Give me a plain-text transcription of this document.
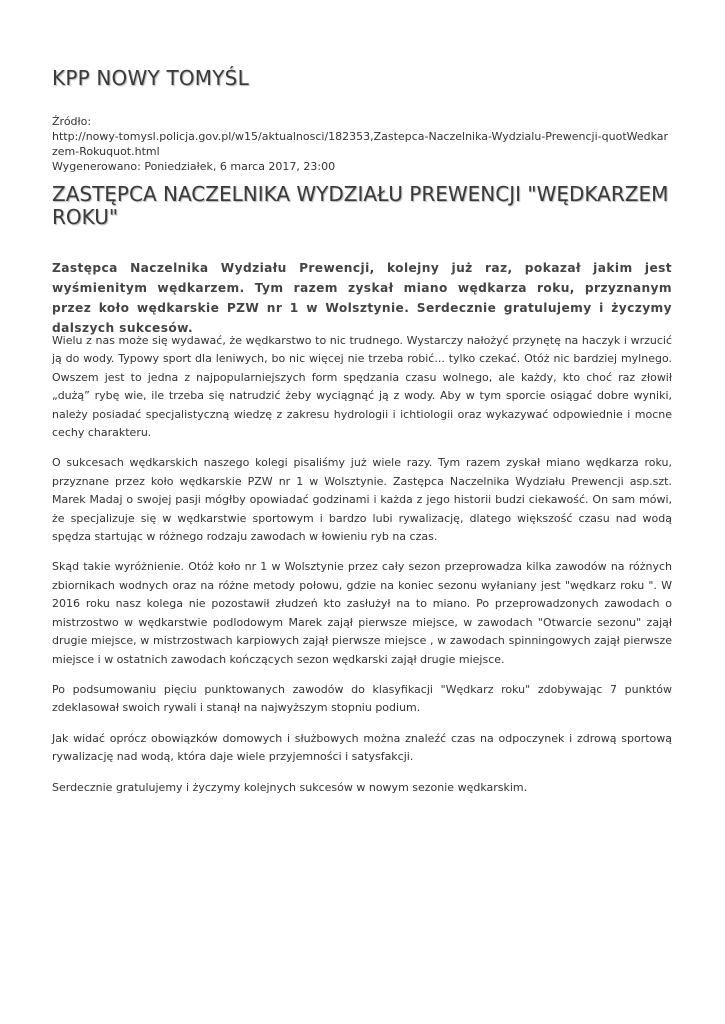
KPP NOWY TOMYŚL
Źródło:
http://nowy-tomysl.policja.gov.pl/w15/aktualnosci/182353,Zastepca-Naczelnika-Wydzialu-Prewencji-quotWedkarzem-Rokuquot.html
Wygenerowano: Poniedziałek, 6 marca 2017, 23:00
ZASTĘPCA NACZELNIKA WYDZIAŁU PREWENCJI "WĘDKARZEM ROKU"
Zastępca Naczelnika Wydziału Prewencji, kolejny już raz, pokazał jakim jest wyśmienitym wędkarzem. Tym razem zyskał miano wędkarza roku, przyznanym przez koło wędkarskie PZW nr 1 w Wolsztynie. Serdecznie gratulujemy i życzymy dalszych sukcesów.

Wielu z nas może się wydawać, że wędkarstwo to nic trudnego. Wystarczy nałożyć przynętę na haczyk i wrzucić ją do wody. Typowy sport dla leniwych, bo nic więcej nie trzeba robić... tylko czekać. Otóż nic bardziej mylnego. Owszem jest to jedna z najpopularniejszych form spędzania czasu wolnego, ale każdy, kto choć raz złowił „dużą” rybę wie, ile trzeba się natrudzić żeby wyciągnąć ją z wody. Aby w tym sporcie osiągać dobre wyniki, należy posiadać specjalistyczną wiedzę z zakresu hydrologii i ichtiologii oraz wykazywać odpowiednie i mocne cechy charakteru.

O sukcesach wędkarskich naszego kolegi pisaliśmy już wiele razy. Tym razem zyskał miano wędkarza roku, przyznane przez koło wędkarskie PZW nr 1 w Wolsztynie. Zastępca Naczelnika Wydziału Prewencji asp.szt. Marek Madaj o swojej pasji mógłby opowiadać godzinami i każda z jego historii budzi ciekawość. On sam mówi, że specjalizuje się w wędkarstwie sportowym i bardzo lubi rywalizację, dlatego większość czasu nad wodą spędza startując w różnego rodzaju zawodach w łowieniu ryb na czas.

Skąd takie wyróżnienie. Otóż koło nr 1 w Wolsztynie przez cały sezon przeprowadza kilka zawodów na różnych zbiornikach wodnych oraz na różne metody połowu, gdzie na koniec sezonu wyłaniany jest "wędkarz roku ". W 2016 roku nasz kolega nie pozostawił złudzeń kto zasłużył na to miano. Po przeprowadzonych zawodach o mistrzostwo w wędkarstwie podlodowym Marek zajął pierwsze miejsce, w zawodach "Otwarcie sezonu" zajął drugie miejsce, w mistrzostwach karpiowych zajął pierwsze miejsce , w zawodach spinningowych zajął pierwsze miejsce i w ostatnich zawodach kończących sezon wędkarski zajął drugie miejsce.

Po podsumowaniu pięciu punktowanych zawodów do klasyfikacji "Wędkarz roku" zdobywając 7 punktów zdeklasował swoich rywali i stanął na najwyższym stopniu podium.

Jak widać oprócz obowiązków domowych i służbowych można znaleźć czas na odpoczynek i zdrową sportową rywalizację nad wodą, która daje wiele przyjemności i satysfakcji.

Serdecznie gratulujemy i życzymy kolejnych sukcesów w nowym sezonie wędkarskim.
